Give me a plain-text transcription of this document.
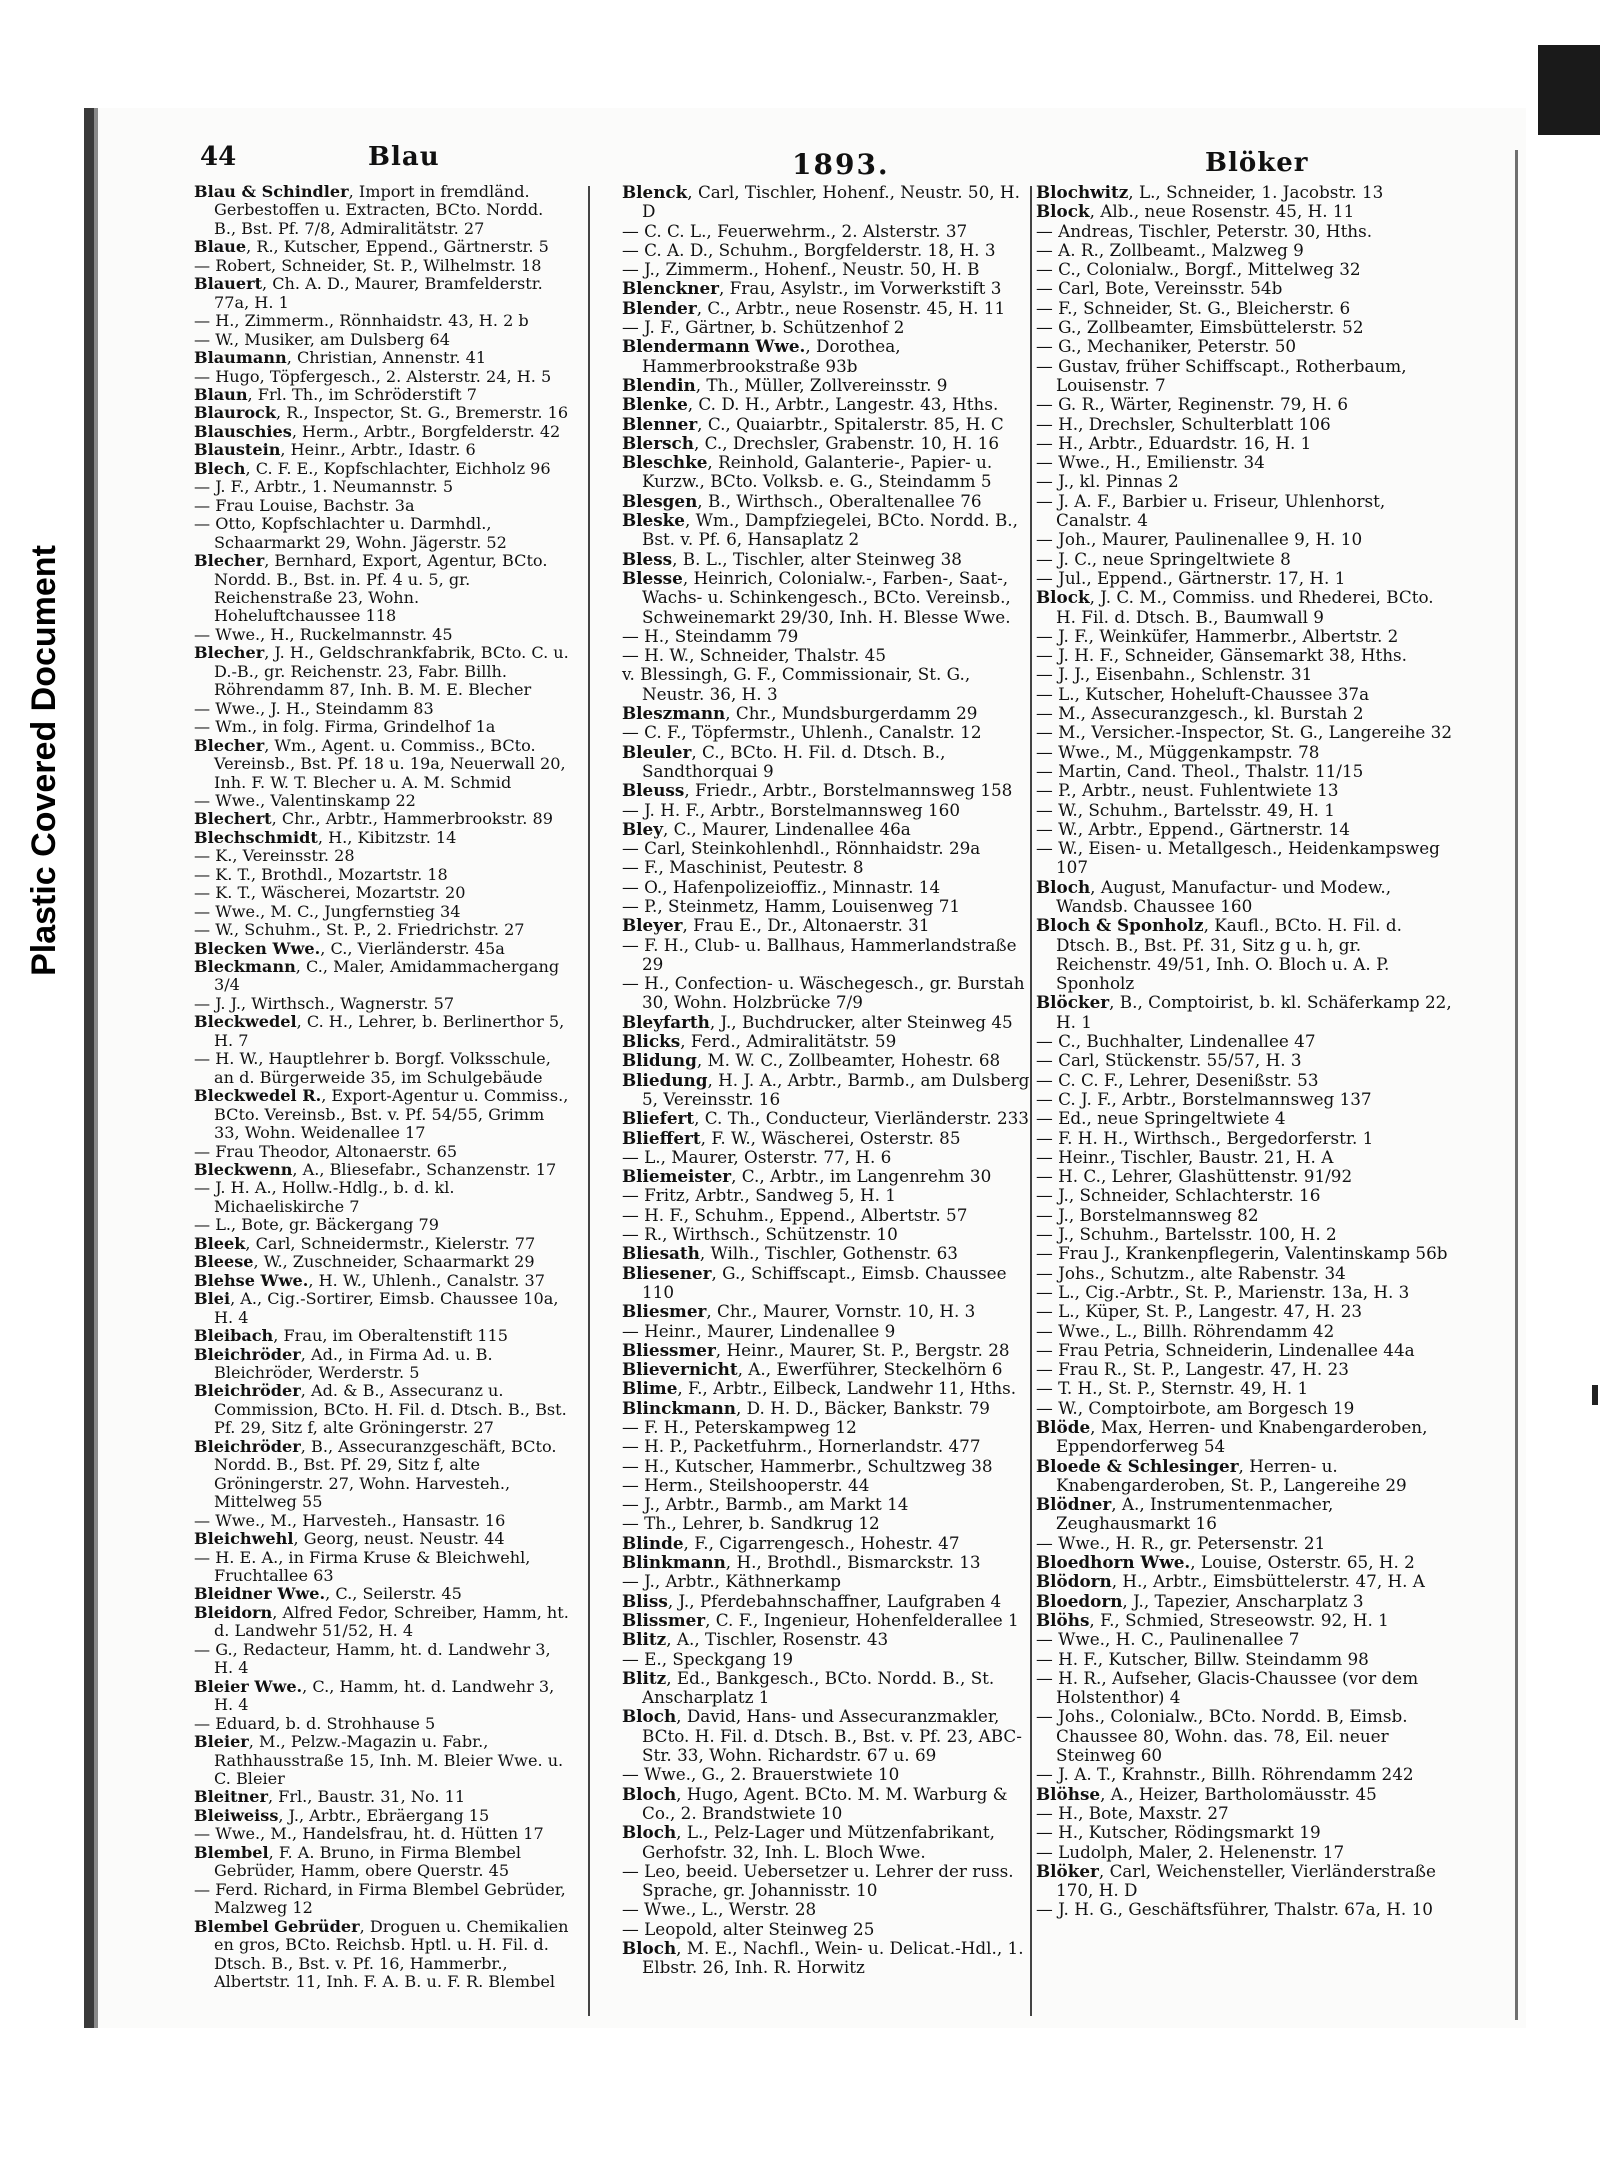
Plastic Covered Document
44	Blau	1893.	Blöker

Blau & Schindler, Import in fremdländ. Gerbestoffen u. Extracten, BCto. Nordd. B., Bst. Pf. 7/8, Admiralitätstr. 27

Blaue, R., Kutscher, Eppend., Gärtnerstr. 5

— Robert, Schneider, St. P., Wilhelmstr. 18

Blauert, Ch. A. D., Maurer, Bramfelderstr. 77a, H. 1

— H., Zimmerm., Rönnhaidstr. 43, H. 2 b

— W., Musiker, am Dulsberg 64

Blaumann, Christian, Annenstr. 41

— Hugo, Töpfergesch., 2. Alsterstr. 24, H. 5

Blaun, Frl. Th., im Schröderstift 7

Blaurock, R., Inspector, St. G., Bremerstr. 16

Blauschies, Herm., Arbtr., Borgfelderstr. 42

Blaustein, Heinr., Arbtr., Idastr. 6

Blech, C. F. E., Kopfschlachter, Eichholz 96

— J. F., Arbtr., 1. Neumannstr. 5

— Frau Louise, Bachstr. 3a

— Otto, Kopfschlachter u. Darmhdl., Schaarmarkt 29, Wohn. Jägerstr. 52

Blecher, Bernhard, Export, Agentur, BCto. Nordd. B., Bst. in. Pf. 4 u. 5, gr. Reichenstraße 23, Wohn. Hoheluftchaussee 118

— Wwe., H., Ruckelmannstr. 45

Blecher, J. H., Geldschrankfabrik, BCto. C. u. D.-B., gr. Reichenstr. 23, Fabr. Billh. Röhrendamm 87, Inh. B. M. E. Blecher

— Wwe., J. H., Steindamm 83

— Wm., in folg. Firma, Grindelhof 1a

Blecher, Wm., Agent. u. Commiss., BCto. Vereinsb., Bst. Pf. 18 u. 19a, Neuerwall 20, Inh. F. W. T. Blecher u. A. M. Schmid

— Wwe., Valentinskamp 22

Blechert, Chr., Arbtr., Hammerbrookstr. 89

Blechschmidt, H., Kibitzstr. 14

— K., Vereinsstr. 28

— K. T., Brothdl., Mozartstr. 18

— K. T., Wäscherei, Mozartstr. 20

— Wwe., M. C., Jungfernstieg 34

— W., Schuhm., St. P., 2. Friedrichstr. 27

Blecken Wwe., C., Vierländerstr. 45a

Bleckmann, C., Maler, Amidammachergang 3/4

— J. J., Wirthsch., Wagnerstr. 57

Bleckwedel, C. H., Lehrer, b. Berlinerthor 5, H. 7

— H. W., Hauptlehrer b. Borgf. Volksschule, an d. Bürgerweide 35, im Schulgebäude

Bleckwedel R., Export-Agentur u. Commiss., BCto. Vereinsb., Bst. v. Pf. 54/55, Grimm 33, Wohn. Weidenallee 17

— Frau Theodor, Altonaerstr. 65

Bleckwenn, A., Bliesefabr., Schanzenstr. 17

— J. H. A., Hollw.-Hdlg., b. d. kl. Michaeliskirche 7

— L., Bote, gr. Bäckergang 79

Bleek, Carl, Schneidermstr., Kielerstr. 77

Bleese, W., Zuschneider, Schaarmarkt 29

Blehse Wwe., H. W., Uhlenh., Canalstr. 37

Blei, A., Cig.-Sortirer, Eimsb. Chaussee 10a, H. 4

Bleibach, Frau, im Oberaltenstift 115

Bleichröder, Ad., in Firma Ad. u. B. Bleichröder, Werderstr. 5

Bleichröder, Ad. & B., Assecuranz u. Commission, BCto. H. Fil. d. Dtsch. B., Bst. Pf. 29, Sitz f, alte Gröningerstr. 27

Bleichröder, B., Assecuranzgeschäft, BCto. Nordd. B., Bst. Pf. 29, Sitz f, alte Gröningerstr. 27, Wohn. Harvesteh., Mittelweg 55

— Wwe., M., Harvesteh., Hansastr. 16

Bleichwehl, Georg, neust. Neustr. 44

— H. E. A., in Firma Kruse & Bleichwehl, Fruchtallee 63

Bleidner Wwe., C., Seilerstr. 45

Bleidorn, Alfred Fedor, Schreiber, Hamm, ht. d. Landwehr 51/52, H. 4

— G., Redacteur, Hamm, ht. d. Landwehr 3, H. 4

Bleier Wwe., C., Hamm, ht. d. Landwehr 3, H. 4

— Eduard, b. d. Strohhause 5

Bleier, M., Pelzw.-Magazin u. Fabr., Rathhausstraße 15, Inh. M. Bleier Wwe. u. C. Bleier

Bleitner, Frl., Baustr. 31, No. 11

Bleiweiss, J., Arbtr., Ebräergang 15

— Wwe., M., Handelsfrau, ht. d. Hütten 17

Blembel, F. A. Bruno, in Firma Blembel Gebrüder, Hamm, obere Querstr. 45

— Ferd. Richard, in Firma Blembel Gebrüder, Malzweg 12

Blembel Gebrüder, Droguen u. Chemikalien en gros, BCto. Reichsb. Hptl. u. H. Fil. d. Dtsch. B., Bst. v. Pf. 16, Hammerbr., Albertstr. 11, Inh. F. A. B. u. F. R. Blembel

Blenck, Carl, Tischler, Hohenf., Neustr. 50, H. D

— C. C. L., Feuerwehrm., 2. Alsterstr. 37

— C. A. D., Schuhm., Borgfelderstr. 18, H. 3

— J., Zimmerm., Hohenf., Neustr. 50, H. B

Blenckner, Frau, Asylstr., im Vorwerkstift 3

Blender, C., Arbtr., neue Rosenstr. 45, H. 11

— J. F., Gärtner, b. Schützenhof 2

Blendermann Wwe., Dorothea, Hammerbrookstraße 93b

Blendin, Th., Müller, Zollvereinsstr. 9

Blenke, C. D. H., Arbtr., Langestr. 43, Hths.

Blenner, C., Quaiarbtr., Spitalerstr. 85, H. C

Blersch, C., Drechsler, Grabenstr. 10, H. 16

Bleschke, Reinhold, Galanterie-, Papier- u. Kurzw., BCto. Volksb. e. G., Steindamm 5

Blesgen, B., Wirthsch., Oberaltenallee 76

Bleske, Wm., Dampfziegelei, BCto. Nordd. B., Bst. v. Pf. 6, Hansaplatz 2

Bless, B. L., Tischler, alter Steinweg 38

Blesse, Heinrich, Colonialw.-, Farben-, Saat-, Wachs- u. Schinkengesch., BCto. Vereinsb., Schweinemarkt 29/30, Inh. H. Blesse Wwe.

— H., Steindamm 79

— H. W., Schneider, Thalstr. 45

v. Blessingh, G. F., Commissionair, St. G., Neustr. 36, H. 3

Bleszmann, Chr., Mundsburgerdamm 29

— C. F., Töpfermstr., Uhlenh., Canalstr. 12

Bleuler, C., BCto. H. Fil. d. Dtsch. B., Sandthorquai 9

Bleuss, Friedr., Arbtr., Borstelmannsweg 158

— J. H. F., Arbtr., Borstelmannsweg 160

Bley, C., Maurer, Lindenallee 46a

— Carl, Steinkohlenhdl., Rönnhaidstr. 29a

— F., Maschinist, Peutestr. 8

— O., Hafenpolizeioffiz., Minnastr. 14

— P., Steinmetz, Hamm, Louisenweg 71

Bleyer, Frau E., Dr., Altonaerstr. 31

— F. H., Club- u. Ballhaus, Hammerlandstraße 29

— H., Confection- u. Wäschegesch., gr. Burstah 30, Wohn. Holzbrücke 7/9

Bleyfarth, J., Buchdrucker, alter Steinweg 45

Blicks, Ferd., Admiralitätstr. 59

Blidung, M. W. C., Zollbeamter, Hohestr. 68

Bliedung, H. J. A., Arbtr., Barmb., am Dulsberg 5, Vereinsstr. 16

Bliefert, C. Th., Conducteur, Vierländerstr. 233

Blieffert, F. W., Wäscherei, Osterstr. 85

— L., Maurer, Osterstr. 77, H. 6

Bliemeister, C., Arbtr., im Langenrehm 30

— Fritz, Arbtr., Sandweg 5, H. 1

— H. F., Schuhm., Eppend., Albertstr. 57

— R., Wirthsch., Schützenstr. 10

Bliesath, Wilh., Tischler, Gothenstr. 63

Bliesener, G., Schiffscapt., Eimsb. Chaussee 110

Bliesmer, Chr., Maurer, Vornstr. 10, H. 3

— Heinr., Maurer, Lindenallee 9

Bliessmer, Heinr., Maurer, St. P., Bergstr. 28

Blievernicht, A., Ewerführer, Steckelhörn 6

Blime, F., Arbtr., Eilbeck, Landwehr 11, Hths.

Blinckmann, D. H. D., Bäcker, Bankstr. 79

— F. H., Peterskampweg 12

— H. P., Packetfuhrm., Hornerlandstr. 477

— H., Kutscher, Hammerbr., Schultzweg 38

— Herm., Steilshooperstr. 44

— J., Arbtr., Barmb., am Markt 14

— Th., Lehrer, b. Sandkrug 12

Blinde, F., Cigarrengesch., Hohestr. 47

Blinkmann, H., Brothdl., Bismarckstr. 13

— J., Arbtr., Käthnerkamp

Bliss, J., Pferdebahnschaffner, Laufgraben 4

Blissmer, C. F., Ingenieur, Hohenfelderallee 1

Blitz, A., Tischler, Rosenstr. 43

— E., Speckgang 19

Blitz, Ed., Bankgesch., BCto. Nordd. B., St. Anscharplatz 1

Bloch, David, Hans- und Assecuranzmakler, BCto. H. Fil. d. Dtsch. B., Bst. v. Pf. 23, ABC-Str. 33, Wohn. Richardstr. 67 u. 69

— Wwe., G., 2. Brauerstwiete 10

Bloch, Hugo, Agent. BCto. M. M. Warburg & Co., 2. Brandstwiete 10

Bloch, L., Pelz-Lager und Mützenfabrikant, Gerhofstr. 32, Inh. L. Bloch Wwe.

— Leo, beeid. Uebersetzer u. Lehrer der russ. Sprache, gr. Johannisstr. 10

— Wwe., L., Werstr. 28

— Leopold, alter Steinweg 25

Bloch, M. E., Nachfl., Wein- u. Delicat.-Hdl., 1. Elbstr. 26, Inh. R. Horwitz

Blochwitz, L., Schneider, 1. Jacobstr. 13

Block, Alb., neue Rosenstr. 45, H. 11

— Andreas, Tischler, Peterstr. 30, Hths.

— A. R., Zollbeamt., Malzweg 9

— C., Colonialw., Borgf., Mittelweg 32

— Carl, Bote, Vereinsstr. 54b

— F., Schneider, St. G., Bleicherstr. 6

— G., Zollbeamter, Eimsbüttelerstr. 52

— G., Mechaniker, Peterstr. 50

— Gustav, früher Schiffscapt., Rotherbaum, Louisenstr. 7

— G. R., Wärter, Reginenstr. 79, H. 6

— H., Drechsler, Schulterblatt 106

— H., Arbtr., Eduardstr. 16, H. 1

— Wwe., H., Emilienstr. 34

— J., kl. Pinnas 2

— J. A. F., Barbier u. Friseur, Uhlenhorst, Canalstr. 4

— Joh., Maurer, Paulinenallee 9, H. 10

— J. C., neue Springeltwiete 8

— Jul., Eppend., Gärtnerstr. 17, H. 1

Block, J. C. M., Commiss. und Rhederei, BCto. H. Fil. d. Dtsch. B., Baumwall 9

— J. F., Weinküfer, Hammerbr., Albertstr. 2

— J. H. F., Schneider, Gänsemarkt 38, Hths.

— J. J., Eisenbahn., Schlenstr. 31

— L., Kutscher, Hoheluft-Chaussee 37a

— M., Assecuranzgesch., kl. Burstah 2

— M., Versicher.-Inspector, St. G., Langereihe 32

— Wwe., M., Müggenkampstr. 78

— Martin, Cand. Theol., Thalstr. 11/15

— P., Arbtr., neust. Fuhlentwiete 13

— W., Schuhm., Bartelsstr. 49, H. 1

— W., Arbtr., Eppend., Gärtnerstr. 14

— W., Eisen- u. Metallgesch., Heidenkampsweg 107

Bloch, August, Manufactur- und Modew., Wandsb. Chaussee 160

Bloch & Sponholz, Kaufl., BCto. H. Fil. d. Dtsch. B., Bst. Pf. 31, Sitz g u. h, gr. Reichenstr. 49/51, Inh. O. Bloch u. A. P. Sponholz

Blöcker, B., Comptoirist, b. kl. Schäferkamp 22, H. 1

— C., Buchhalter, Lindenallee 47

— Carl, Stückenstr. 55/57, H. 3

— C. C. F., Lehrer, Desenißstr. 53

— C. J. F., Arbtr., Borstelmannsweg 137

— Ed., neue Springeltwiete 4

— F. H. H., Wirthsch., Bergedorferstr. 1

— Heinr., Tischler, Baustr. 21, H. A

— H. C., Lehrer, Glashüttenstr. 91/92

— J., Schneider, Schlachterstr. 16

— J., Borstelmannsweg 82

— J., Schuhm., Bartelsstr. 100, H. 2

— Frau J., Krankenpflegerin, Valentinskamp 56b

— Johs., Schutzm., alte Rabenstr. 34

— L., Cig.-Arbtr., St. P., Marienstr. 13a, H. 3

— L., Küper, St. P., Langestr. 47, H. 23

— Wwe., L., Billh. Röhrendamm 42

— Frau Petria, Schneiderin, Lindenallee 44a

— Frau R., St. P., Langestr. 47, H. 23

— T. H., St. P., Sternstr. 49, H. 1

— W., Comptoirbote, am Borgesch 19

Blöde, Max, Herren- und Knabengarderoben, Eppendorferweg 54

Bloede & Schlesinger, Herren- u. Knabengarderoben, St. P., Langereihe 29

Blödner, A., Instrumentenmacher, Zeughausmarkt 16

— Wwe., H. R., gr. Petersenstr. 21

Bloedhorn Wwe., Louise, Osterstr. 65, H. 2

Blödorn, H., Arbtr., Eimsbüttelerstr. 47, H. A

Bloedorn, J., Tapezier, Anscharplatz 3

Blöhs, F., Schmied, Streseowstr. 92, H. 1

— Wwe., H. C., Paulinenallee 7

— H. F., Kutscher, Billw. Steindamm 98

— H. R., Aufseher, Glacis-Chaussee (vor dem Holstenthor) 4

— Johs., Colonialw., BCto. Nordd. B, Eimsb. Chaussee 80, Wohn. das. 78, Eil. neuer Steinweg 60

— J. A. T., Krahnstr., Billh. Röhrendamm 242

Blöhse, A., Heizer, Bartholomäusstr. 45

— H., Bote, Maxstr. 27

— H., Kutscher, Rödingsmarkt 19

— Ludolph, Maler, 2. Helenenstr. 17

Blöker, Carl, Weichensteller, Vierländerstraße 170, H. D

— J. H. G., Geschäftsführer, Thalstr. 67a, H. 10
